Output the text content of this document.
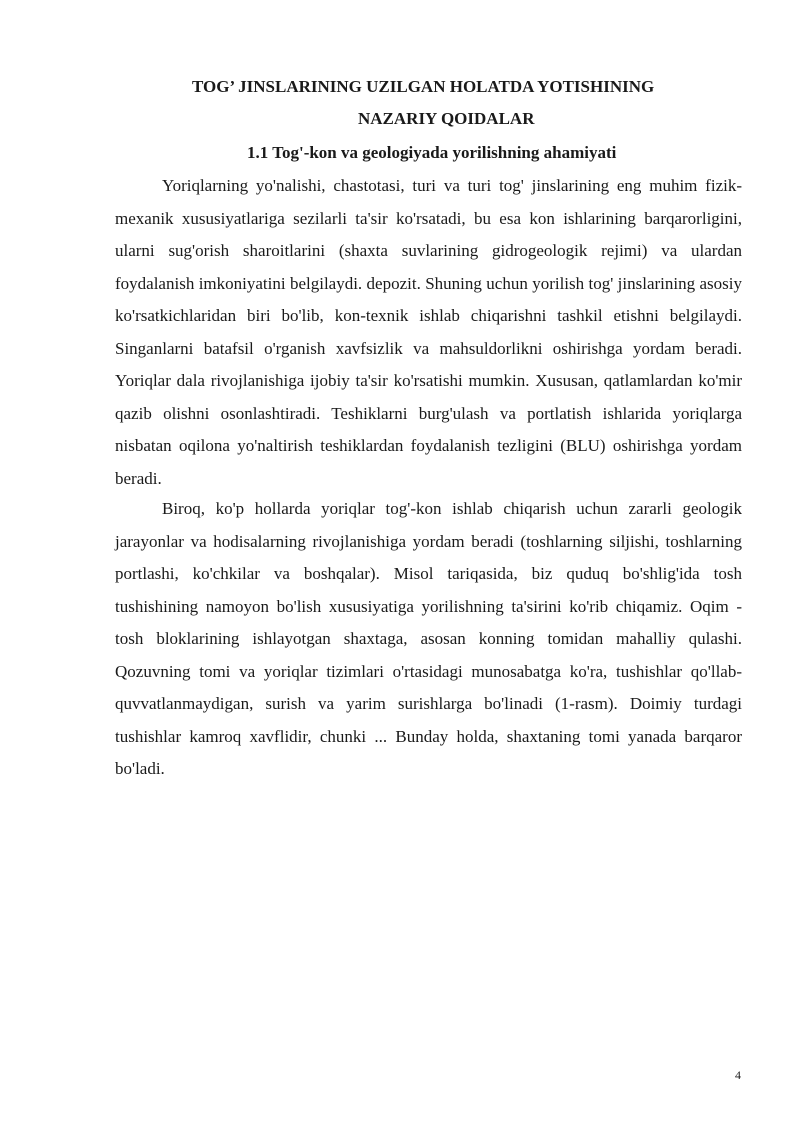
TOG’ JINSLARINING UZILGAN HOLATDA YOTISHINING
NAZARIY QOIDALAR
1.1 Tog'-kon va geologiyada yorilishning ahamiyati

Yoriqlarning yo'nalishi, chastotasi, turi va turi tog' jinslarining eng muhim fizik-mexanik xususiyatlariga sezilarli ta'sir ko'rsatadi, bu esa kon ishlarining barqarorligini, ularni sug'orish sharoitlarini (shaxta suvlarining gidrogeologik rejimi) va ulardan foydalanish imkoniyatini belgilaydi. depozit. Shuning uchun yorilish tog' jinslarining asosiy ko'rsatkichlaridan biri bo'lib, kon-texnik ishlab chiqarishni tashkil etishni belgilaydi. Singanlarni batafsil o'rganish xavfsizlik va mahsuldorlikni oshirishga yordam beradi. Yoriqlar dala rivojlanishiga ijobiy ta'sir ko'rsatishi mumkin. Xususan, qatlamlardan ko'mir qazib olishni osonlashtiradi. Teshiklarni burg'ulash va portlatish ishlarida yoriqlarga nisbatan oqilona yo'naltirish teshiklardan foydalanish tezligini (BLU) oshirishga yordam beradi.

Biroq, ko'p hollarda yoriqlar tog'-kon ishlab chiqarish uchun zararli geologik jarayonlar va hodisalarning rivojlanishiga yordam beradi (toshlarning siljishi, toshlarning portlashi, ko'chkilar va boshqalar). Misol tariqasida, biz quduq bo'shlig'ida tosh tushishining namoyon bo'lish xususiyatiga yorilishning ta'sirini ko'rib chiqamiz. Oqim - tosh bloklarining ishlayotgan shaxtaga, asosan konning tomidan mahalliy qulashi. Qozuvning tomi va yoriqlar tizimlari o'rtasidagi munosabatga ko'ra, tushishlar qo'llab-quvvatlanmaydigan, surish va yarim surishlarga bo'linadi (1-rasm). Doimiy turdagi tushishlar kamroq xavflidir, chunki ... Bunday holda, shaxtaning tomi yanada barqaror bo'ladi.

4
